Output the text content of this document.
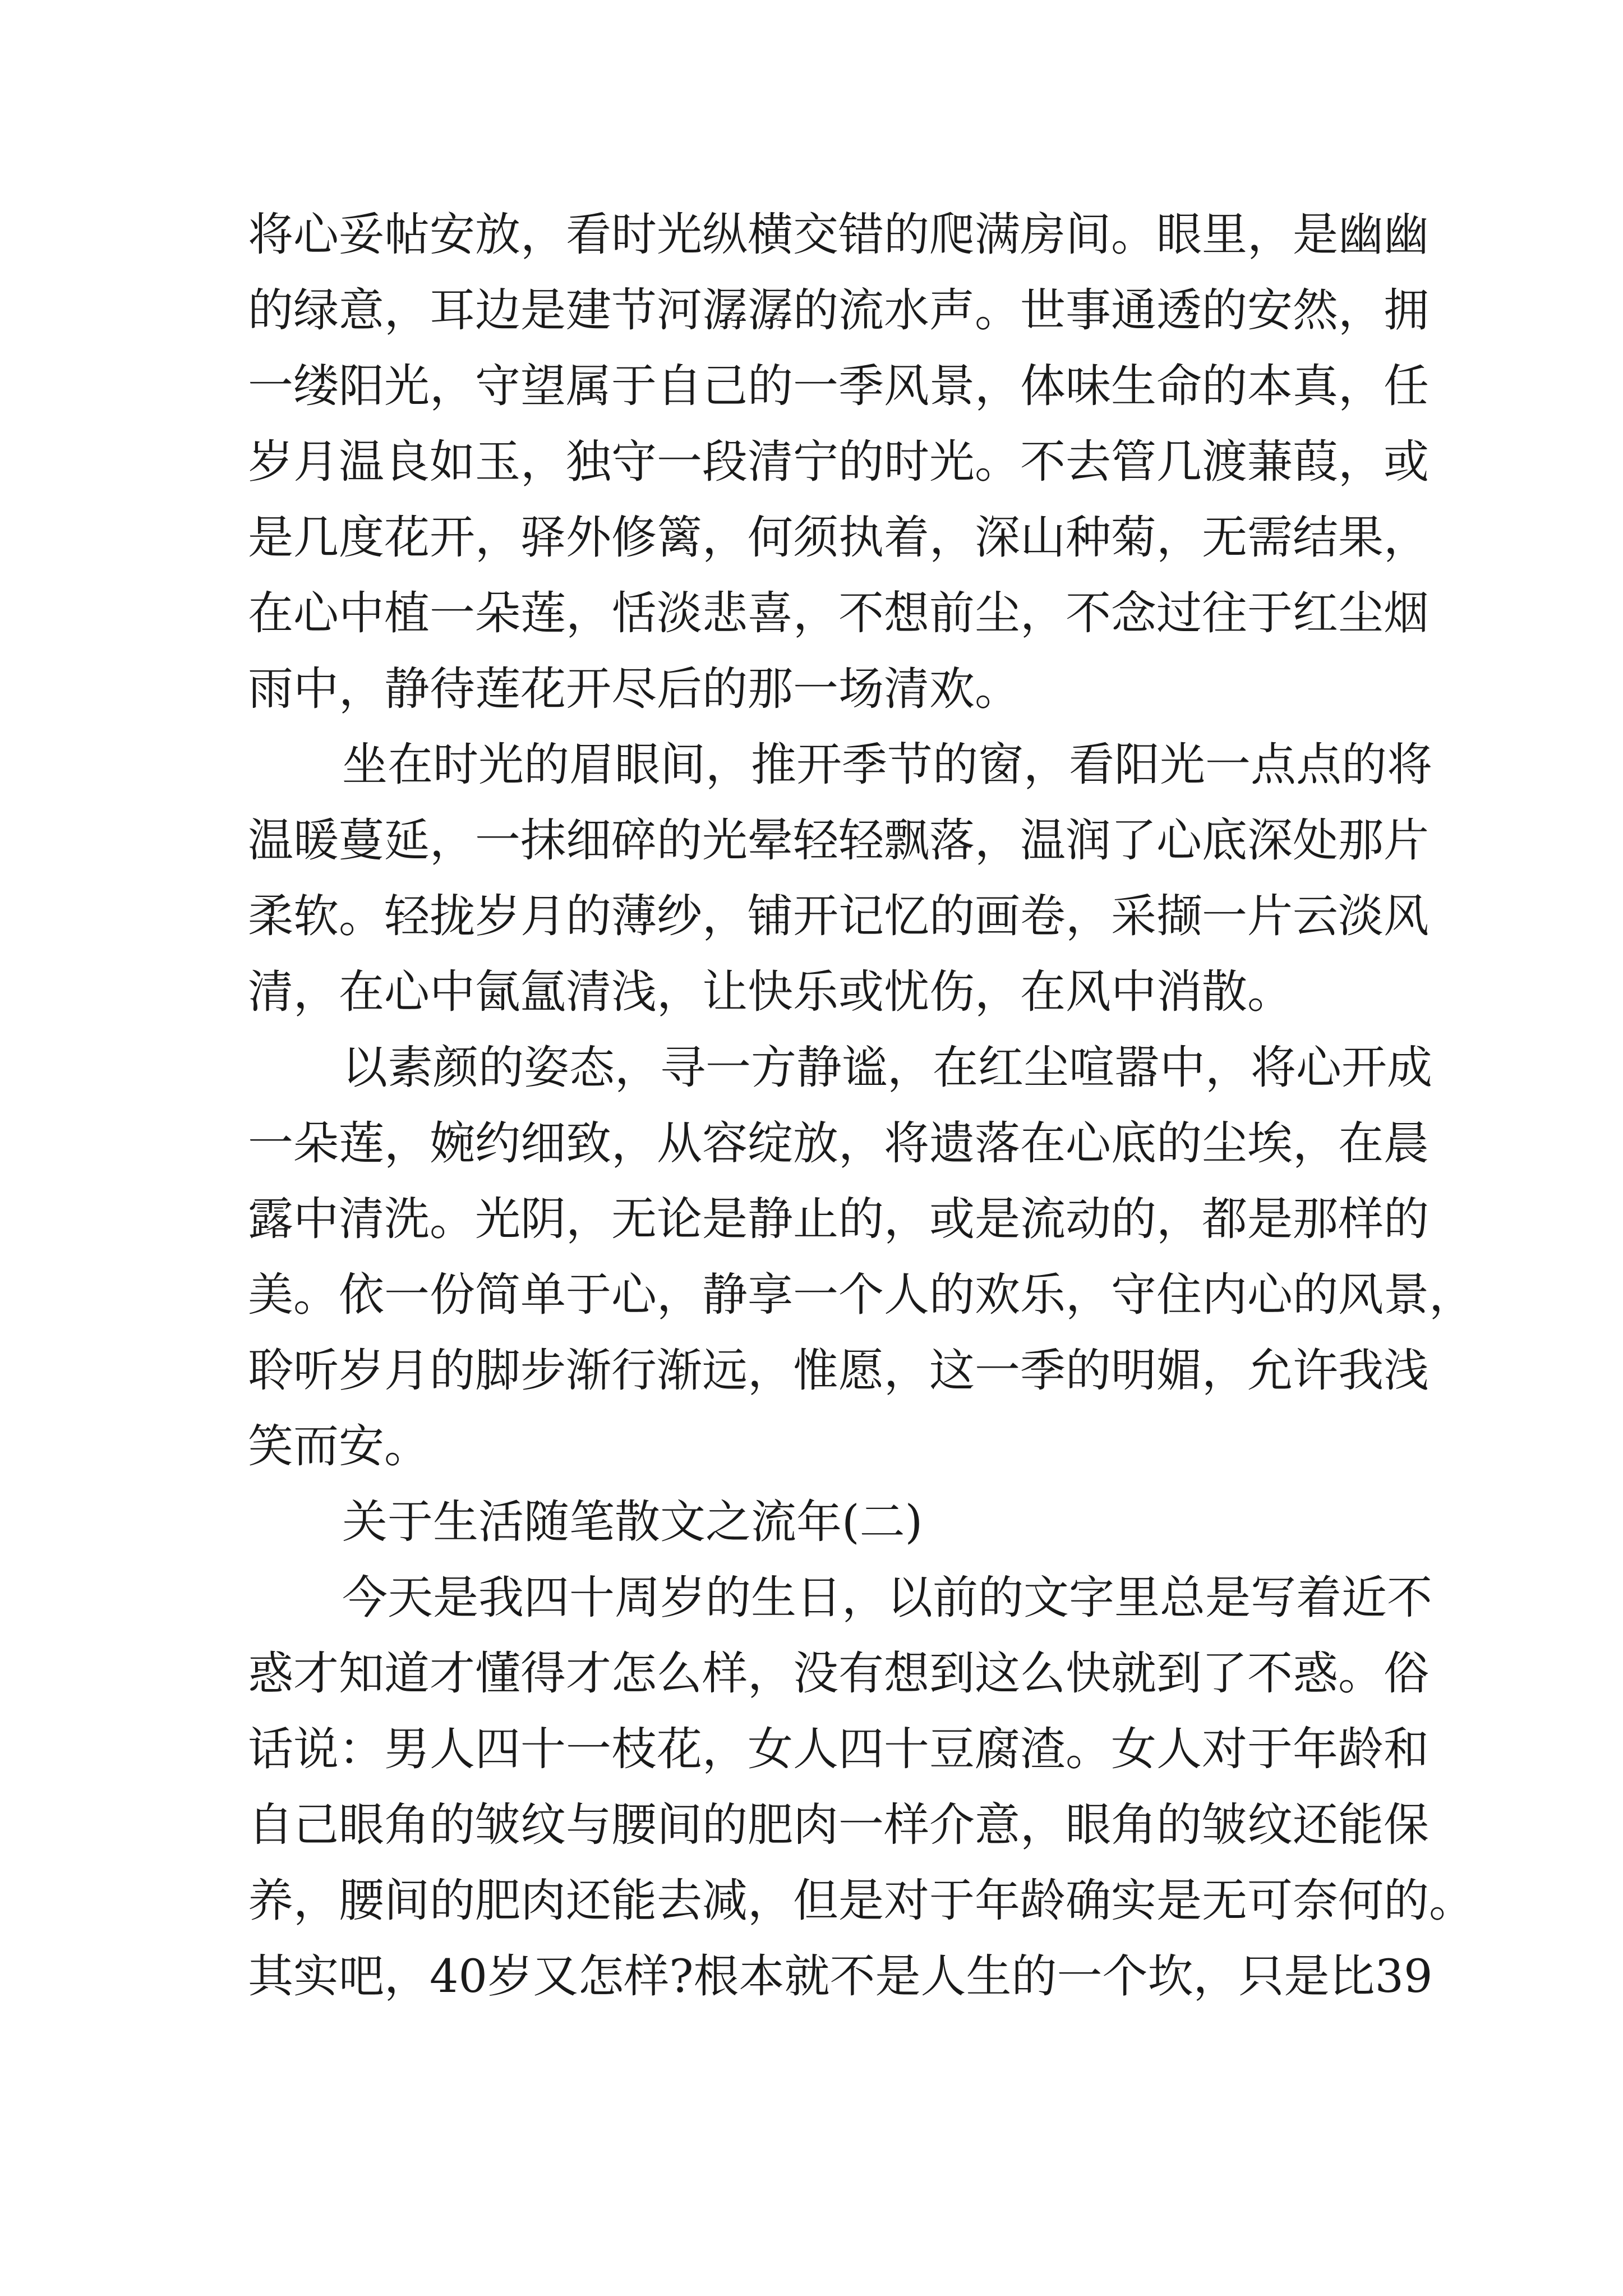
将心妥帖安放，看时光纵横交错的爬满房间。眼里，是幽幽
的绿意，耳边是建节河潺潺的流水声。世事通透的安然，拥
一缕阳光，守望属于自己的一季风景，体味生命的本真，任
岁月温良如玉，独守一段清宁的时光。不去管几渡蒹葭，或
是几度花开，驿外修篱，何须执着，深山种菊，无需结果，
在心中植一朵莲，恬淡悲喜，不想前尘，不念过往于红尘烟
雨中，静待莲花开尽后的那一场清欢。
坐在时光的眉眼间，推开季节的窗，看阳光一点点的将
温暖蔓延，一抹细碎的光晕轻轻飘落，温润了心底深处那片
柔软。轻拢岁月的薄纱，铺开记忆的画卷，采撷一片云淡风
清，在心中氤氲清浅，让快乐或忧伤，在风中消散。
以素颜的姿态，寻一方静谧，在红尘喧嚣中，将心开成
一朵莲，婉约细致，从容绽放，将遗落在心底的尘埃，在晨
露中清洗。光阴，无论是静止的，或是流动的，都是那样的
美。依一份简单于心，静享一个人的欢乐，守住内心的风景，
聆听岁月的脚步渐行渐远，惟愿，这一季的明媚，允许我浅
笑而安。
关于生活随笔散文之流年(二)
今天是我四十周岁的生日，以前的文字里总是写着近不
惑才知道才懂得才怎么样，没有想到这么快就到了不惑。俗
话说：男人四十一枝花，女人四十豆腐渣。女人对于年龄和
自己眼角的皱纹与腰间的肥肉一样介意，眼角的皱纹还能保
养，腰间的肥肉还能去减，但是对于年龄确实是无可奈何的。
其实吧，40岁又怎样?根本就不是人生的一个坎，只是比39
